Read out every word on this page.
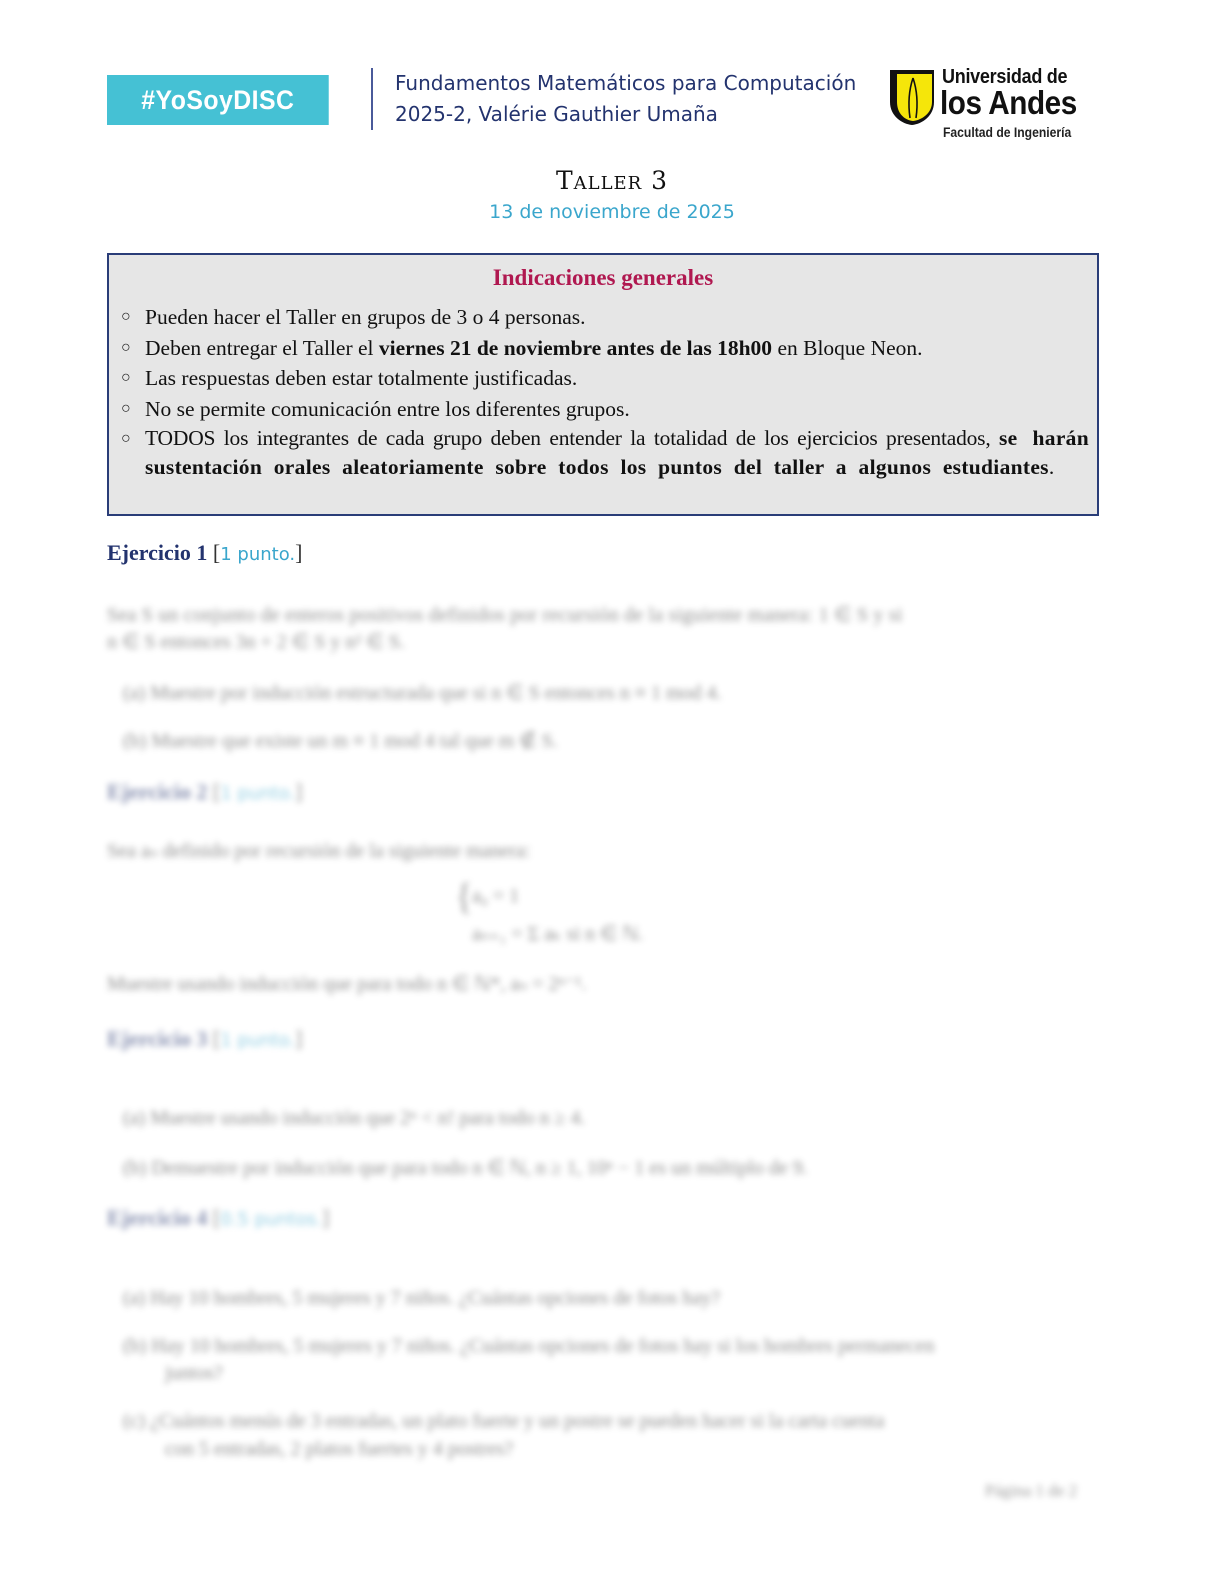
#YoSoyDISC
Fundamentos Matemáticos para Computación
2025-2, Valérie Gauthier Umaña
Universidad de
los Andes
Facultad de Ingeniería
Taller 3
13 de noviembre de 2025
Indicaciones generales
○ Pueden hacer el Taller en grupos de 3 o 4 personas.
○ Deben entregar el Taller el viernes 21 de noviembre antes de las 18h00 en Bloque Neon.
○ Las respuestas deben estar totalmente justificadas.
○ No se permite comunicación entre los diferentes grupos.
○ TODOS los integrantes de cada grupo deben entender la totalidad de los ejercicios presentados, se harán sustentación orales aleatoriamente sobre todos los puntos del taller a algunos estudiantes.
Ejercicio 1 [1 punto.]
Sea S un conjunto de enteros positivos definidos por recursión de la siguiente manera: 1 ∈ S y si
n ∈ S entonces 3n + 2 ∈ S y n² ∈ S.
(a) Muestre por inducción estructurada que si n ∈ S entonces n ≡ 1 mod 4.
(b) Muestre que existe un m ≡ 1 mod 4 tal que m ∉ S.
Ejercicio 2 [1 punto.]
Sea aₙ definido por recursión de la siguiente manera:
{
a₀ = 1
aₙ₊₁ = Σ aₖ si n ∈ ℕ.
Muestre usando inducción que para todo n ∈ ℕ*, aₙ = 2ⁿ⁻¹.
Ejercicio 3 [1 punto.]
(a) Muestre usando inducción que 2ⁿ < n! para todo n ≥ 4.
(b) Demuestre por inducción que para todo n ∈ ℕ, n ≥ 1, 10ⁿ − 1 es un múltiplo de 9.
Ejercicio 4 [0.5 puntos.]
(a) Hay 10 hombres, 5 mujeres y 7 niños. ¿Cuántas opciones de fotos hay?
(b) Hay 10 hombres, 5 mujeres y 7 niños. ¿Cuántas opciones de fotos hay si los hombres permanecen
juntos?
(c) ¿Cuántos menús de 3 entradas, un plato fuerte y un postre se pueden hacer si la carta cuenta
con 5 entradas, 2 platos fuertes y 4 postres?
Página 1 de 2
